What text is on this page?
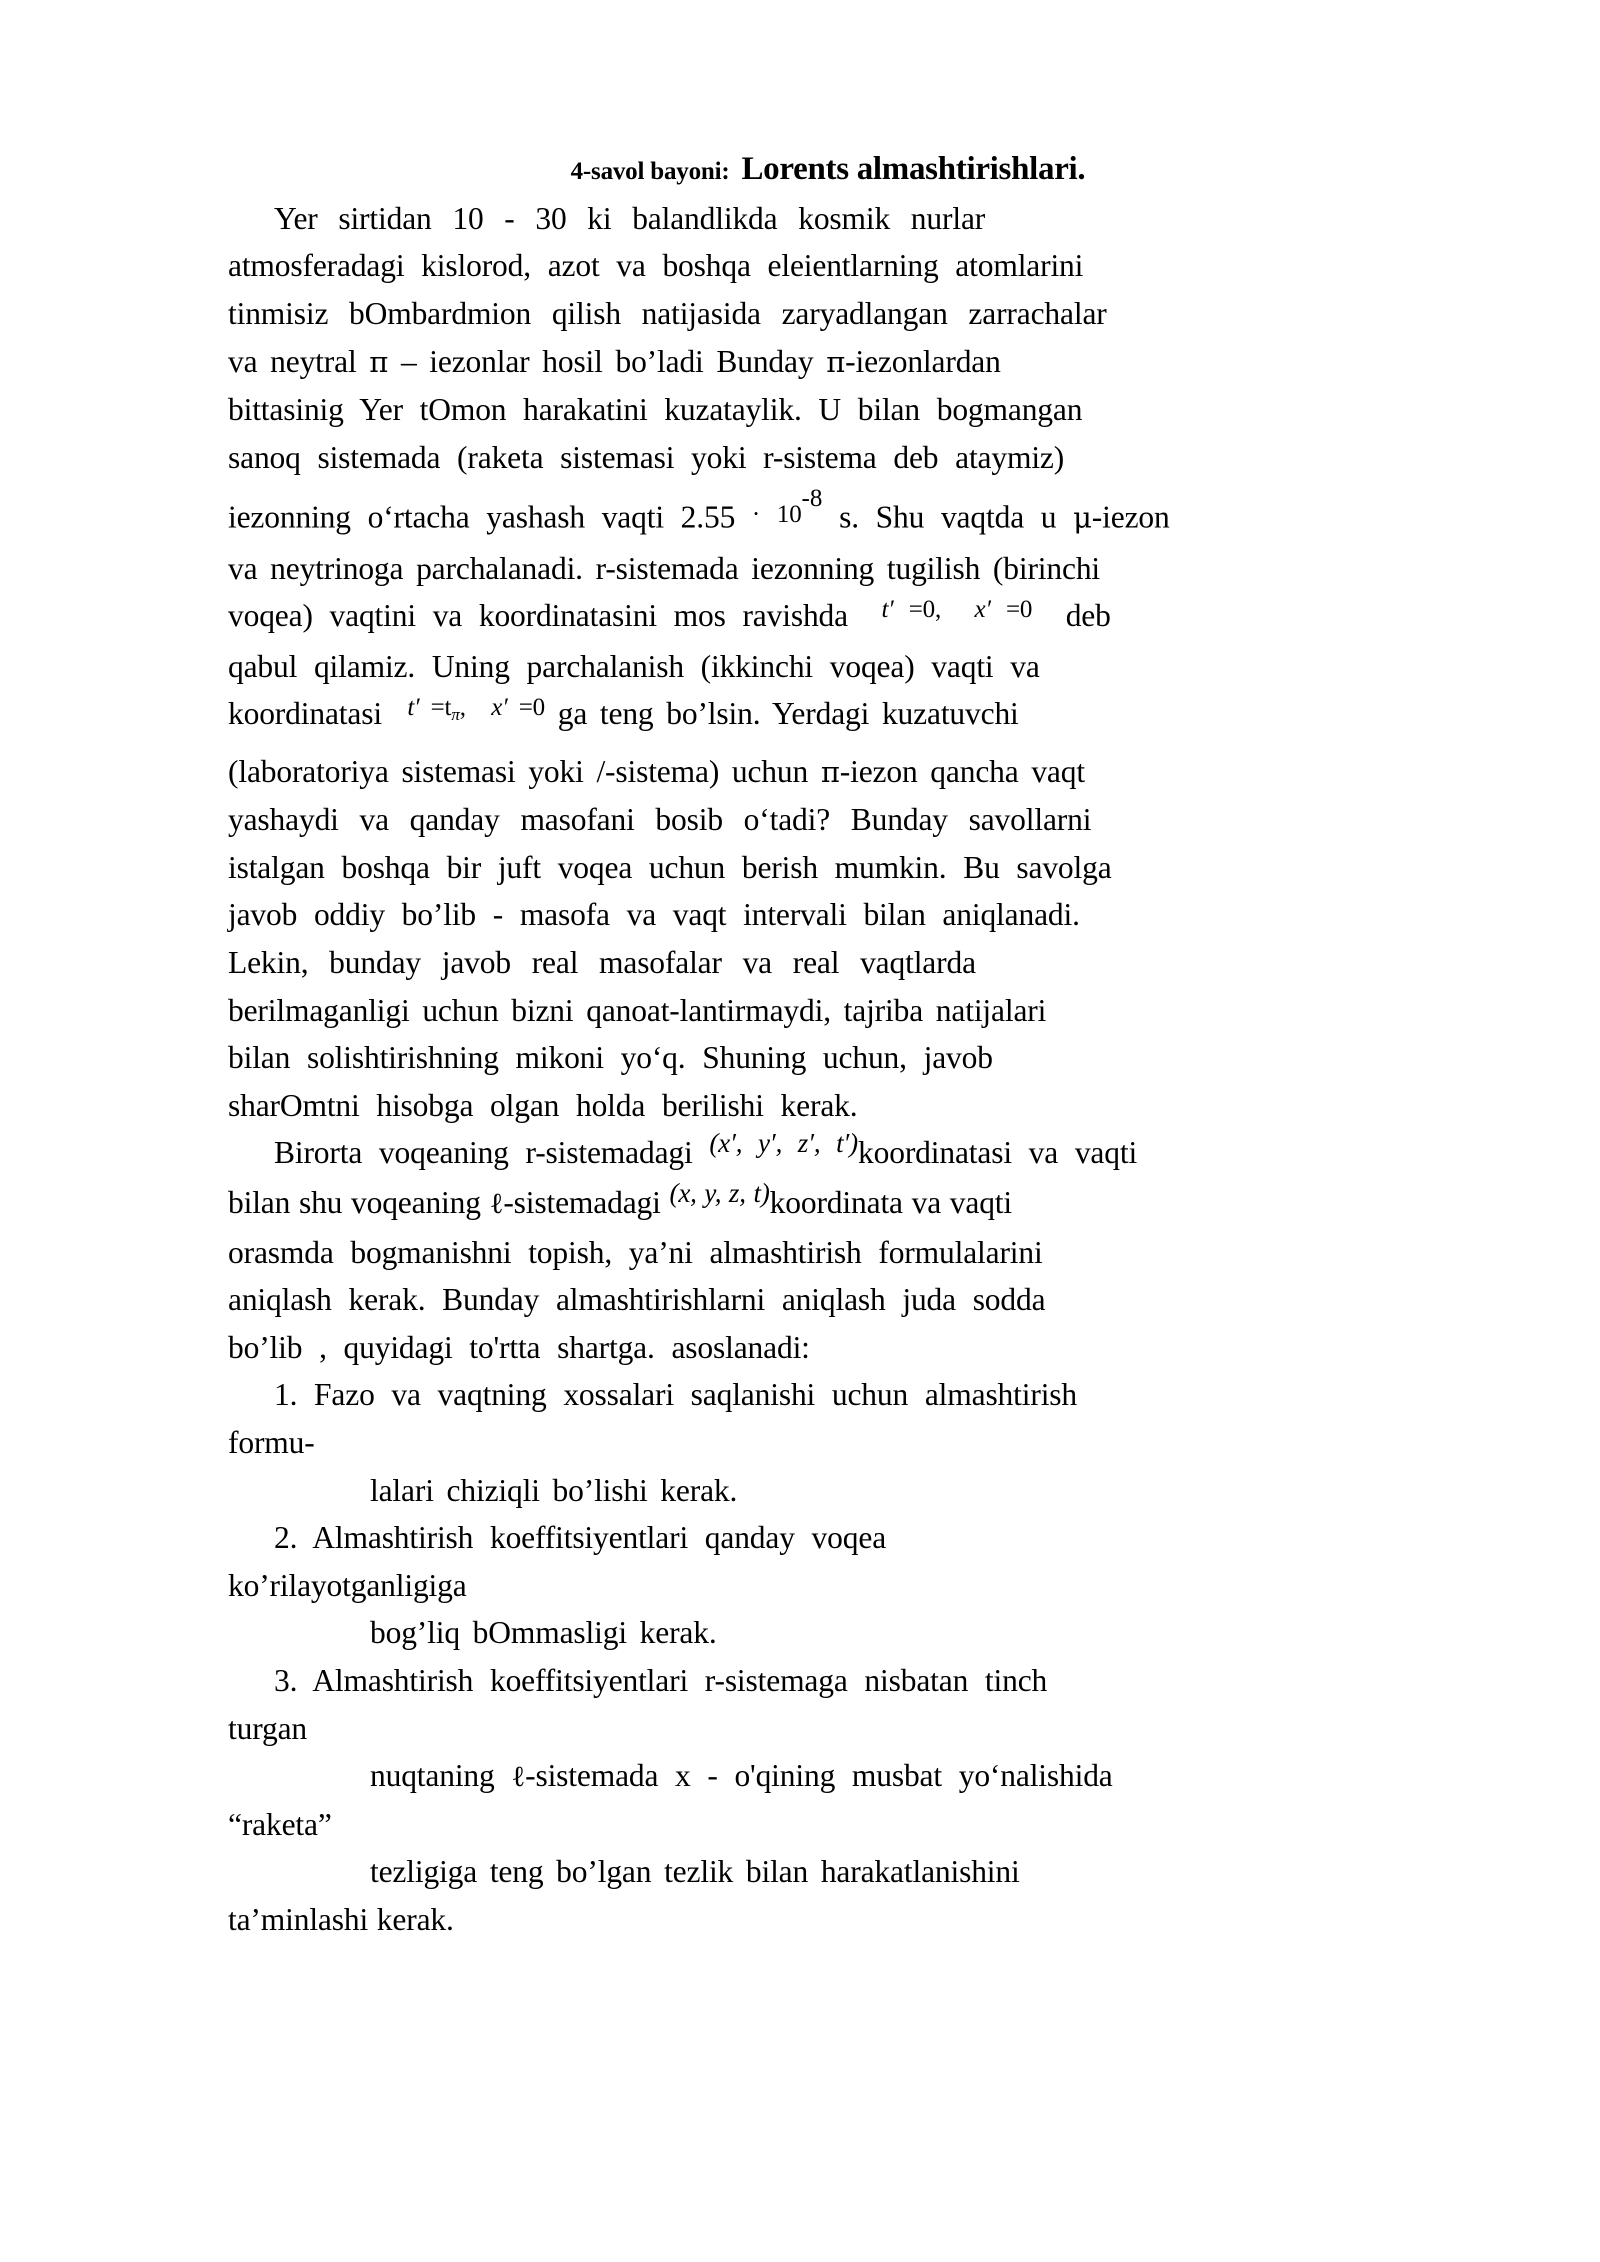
4-savol bayoni: Lorents almashtirishlari.
Yer sirtidan 10 - 30 ki balandlikda kosmik nurlar
atmosferadagi kislorod, azot va boshqa eleientlarning atomlarini
tinmisiz bOmbardmion qilish natijasida zaryadlangan zarrachalar
va neytral π – iezonlar hosil bo’ladi Bunday π-iezonlardan
bittasinig Yer tOmon harakatini kuzataylik. U bilan bogmangan
sanoq sistemada (raketa sistemasi yoki r-sistema deb ataymiz)
iezonning o‘rtacha yashash vaqti $2.55 \cdot 10^{-8}$ s. Shu vaqtda u μ-iezon
va neytrinoga parchalanadi. r-sistemada iezonning tugilish (birinchi
voqea) vaqtini va koordinatasini mos ravishda $^{t' =0,}$ $^{x' =0}$ deb
qabul qilamiz. Uning parchalanish (ikkinchi voqea) vaqti va
koordinatasi $^{t' =t_\pi,}$ $^{x' =0}$ ga teng bo’lsin. Yerdagi kuzatuvchi
(laboratoriya sistemasi yoki /-sistema) uchun π-iezon qancha vaqt
yashaydi va qanday masofani bosib o‘tadi? Bunday savollarni
istalgan boshqa bir juft voqea uchun berish mumkin. Bu savolga
javob oddiy bo’lib - masofa va vaqt intervali bilan aniqlanadi.
Lekin, bunday javob real masofalar va real vaqtlarda
berilmaganligi uchun bizni qanoat-lantirmaydi, tajriba natijalari
bilan solishtirishning mikoni yo‘q. Shuning uchun, javob
sharOmtni hisobga olgan holda berilishi kerak.
Birorta voqeaning r-sistemadagi (x′, y′, z′, t′)koordinatasi va vaqti
bilan shu voqeaning ℓ-sistemadagi (x, y, z, t)koordinata va vaqti
orasmda bogmanishni topish, ya’ni almashtirish formulalarini
aniqlash kerak. Bunday almashtirishlarni aniqlash juda sodda
bo’lib , quyidagi to'rtta shartga. asoslanadi:
1. Fazo va vaqtning xossalari saqlanishi uchun almashtirish
formu-
lalari chiziqli bo’lishi kerak.
2. Almashtirish koeffitsiyentlari qanday voqea
ko’rilayotganligiga
bog’liq bOmmasligi kerak.
3. Almashtirish koeffitsiyentlari r-sistemaga nisbatan tinch
turgan
nuqtaning ℓ-sistemada x - o'qining musbat yo‘nalishida
“raketa”
tezligiga teng bo’lgan tezlik bilan harakatlanishini
ta’minlashi kerak.
